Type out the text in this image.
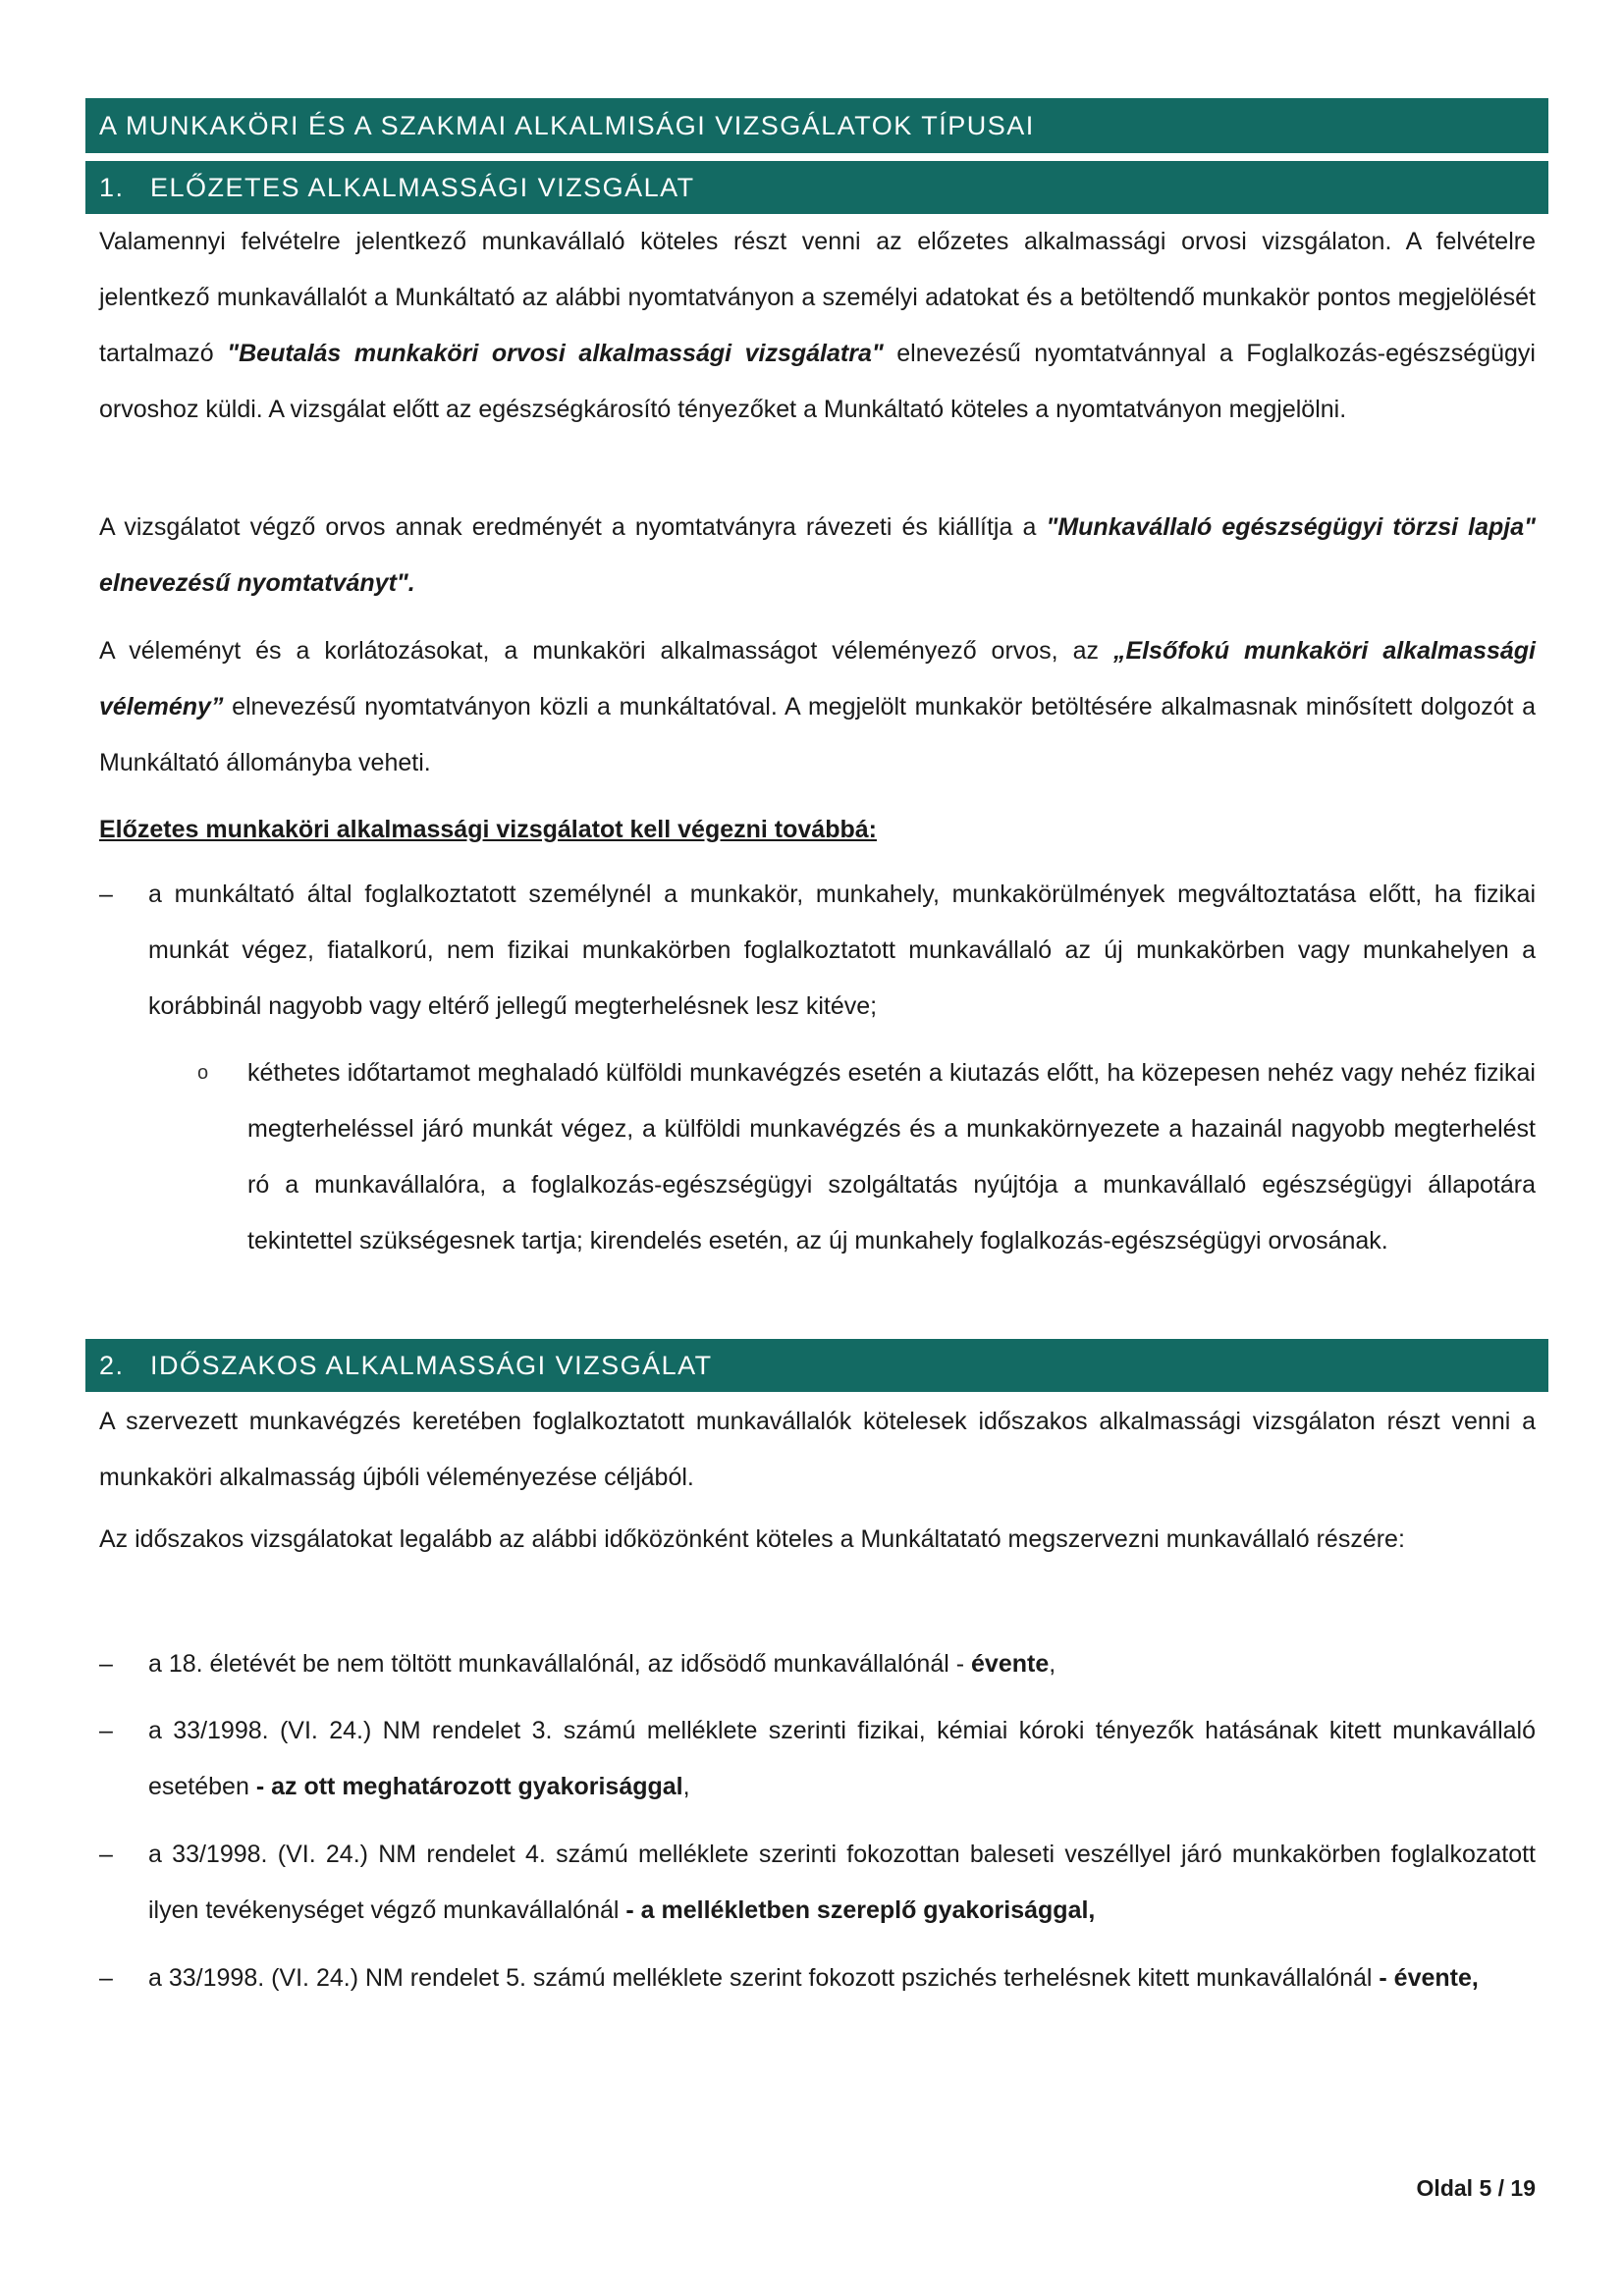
A MUNKAKÖRI ÉS A SZAKMAI ALKALMISÁGI VIZSGÁLATOK TÍPUSAI
1. ELŐZETES ALKALMASSÁGI VIZSGÁLAT

Valamennyi felvételre jelentkező munkavállaló köteles részt venni az előzetes alkalmassági orvosi vizsgálaton. A felvételre jelentkező munkavállalót a Munkáltató az alábbi nyomtatványon a személyi adatokat és a betöltendő munkakör pontos megjelölését tartalmazó "Beutalás munkaköri orvosi alkalmassági vizsgálatra" elnevezésű nyomtatvánnyal a Foglalkozás-egészségügyi orvoshoz küldi. A vizsgálat előtt az egészségkárosító tényezőket a Munkáltató köteles a nyomtatványon megjelölni.

A vizsgálatot végző orvos annak eredményét a nyomtatványra rávezeti és kiállítja a "Munkavállaló egészségügyi törzsi lapja" elnevezésű nyomtatványt".

A véleményt és a korlátozásokat, a munkaköri alkalmasságot véleményező orvos, az „Elsőfokú munkaköri alkalmassági vélemény” elnevezésű nyomtatványon közli a munkáltatóval. A megjelölt munkakör betöltésére alkalmasnak minősített dolgozót a Munkáltató állományba veheti.

Előzetes munkaköri alkalmassági vizsgálatot kell végezni továbbá:

– a munkáltató által foglalkoztatott személynél a munkakör, munkahely, munkakörülmények megváltoztatása előtt, ha fizikai munkát végez, fiatalkorú, nem fizikai munkakörben foglalkoztatott munkavállaló az új munkakörben vagy munkahelyen a korábbinál nagyobb vagy eltérő jellegű megterhelésnek lesz kitéve;

o kéthetes időtartamot meghaladó külföldi munkavégzés esetén a kiutazás előtt, ha közepesen nehéz vagy nehéz fizikai megterheléssel járó munkát végez, a külföldi munkavégzés és a munkakörnyezete a hazainál nagyobb megterhelést ró a munkavállalóra, a foglalkozás-egészségügyi szolgáltatás nyújtója a munkavállaló egészségügyi állapotára tekintettel szükségesnek tartja; kirendelés esetén, az új munkahely foglalkozás-egészségügyi orvosának.

2. IDŐSZAKOS ALKALMASSÁGI VIZSGÁLAT

A szervezett munkavégzés keretében foglalkoztatott munkavállalók kötelesek időszakos alkalmassági vizsgálaton részt venni a munkaköri alkalmasság újbóli véleményezése céljából.

Az időszakos vizsgálatokat legalább az alábbi időközönként köteles a Munkáltatató megszervezni munkavállaló részére:

– a 18. életévét be nem töltött munkavállalónál, az idősödő munkavállalónál - évente,

– a 33/1998. (VI. 24.) NM rendelet 3. számú melléklete szerinti fizikai, kémiai kóroki tényezők hatásának kitett munkavállaló esetében - az ott meghatározott gyakorisággal,

– a 33/1998. (VI. 24.) NM rendelet 4. számú melléklete szerinti fokozottan baleseti veszéllyel járó munkakörben foglalkozatott ilyen tevékenységet végző munkavállalónál - a mellékletben szereplő gyakorisággal,

– a 33/1998. (VI. 24.) NM rendelet 5. számú melléklete szerint fokozott pszichés terhelésnek kitett munkavállalónál - évente,

Oldal 5 / 19
